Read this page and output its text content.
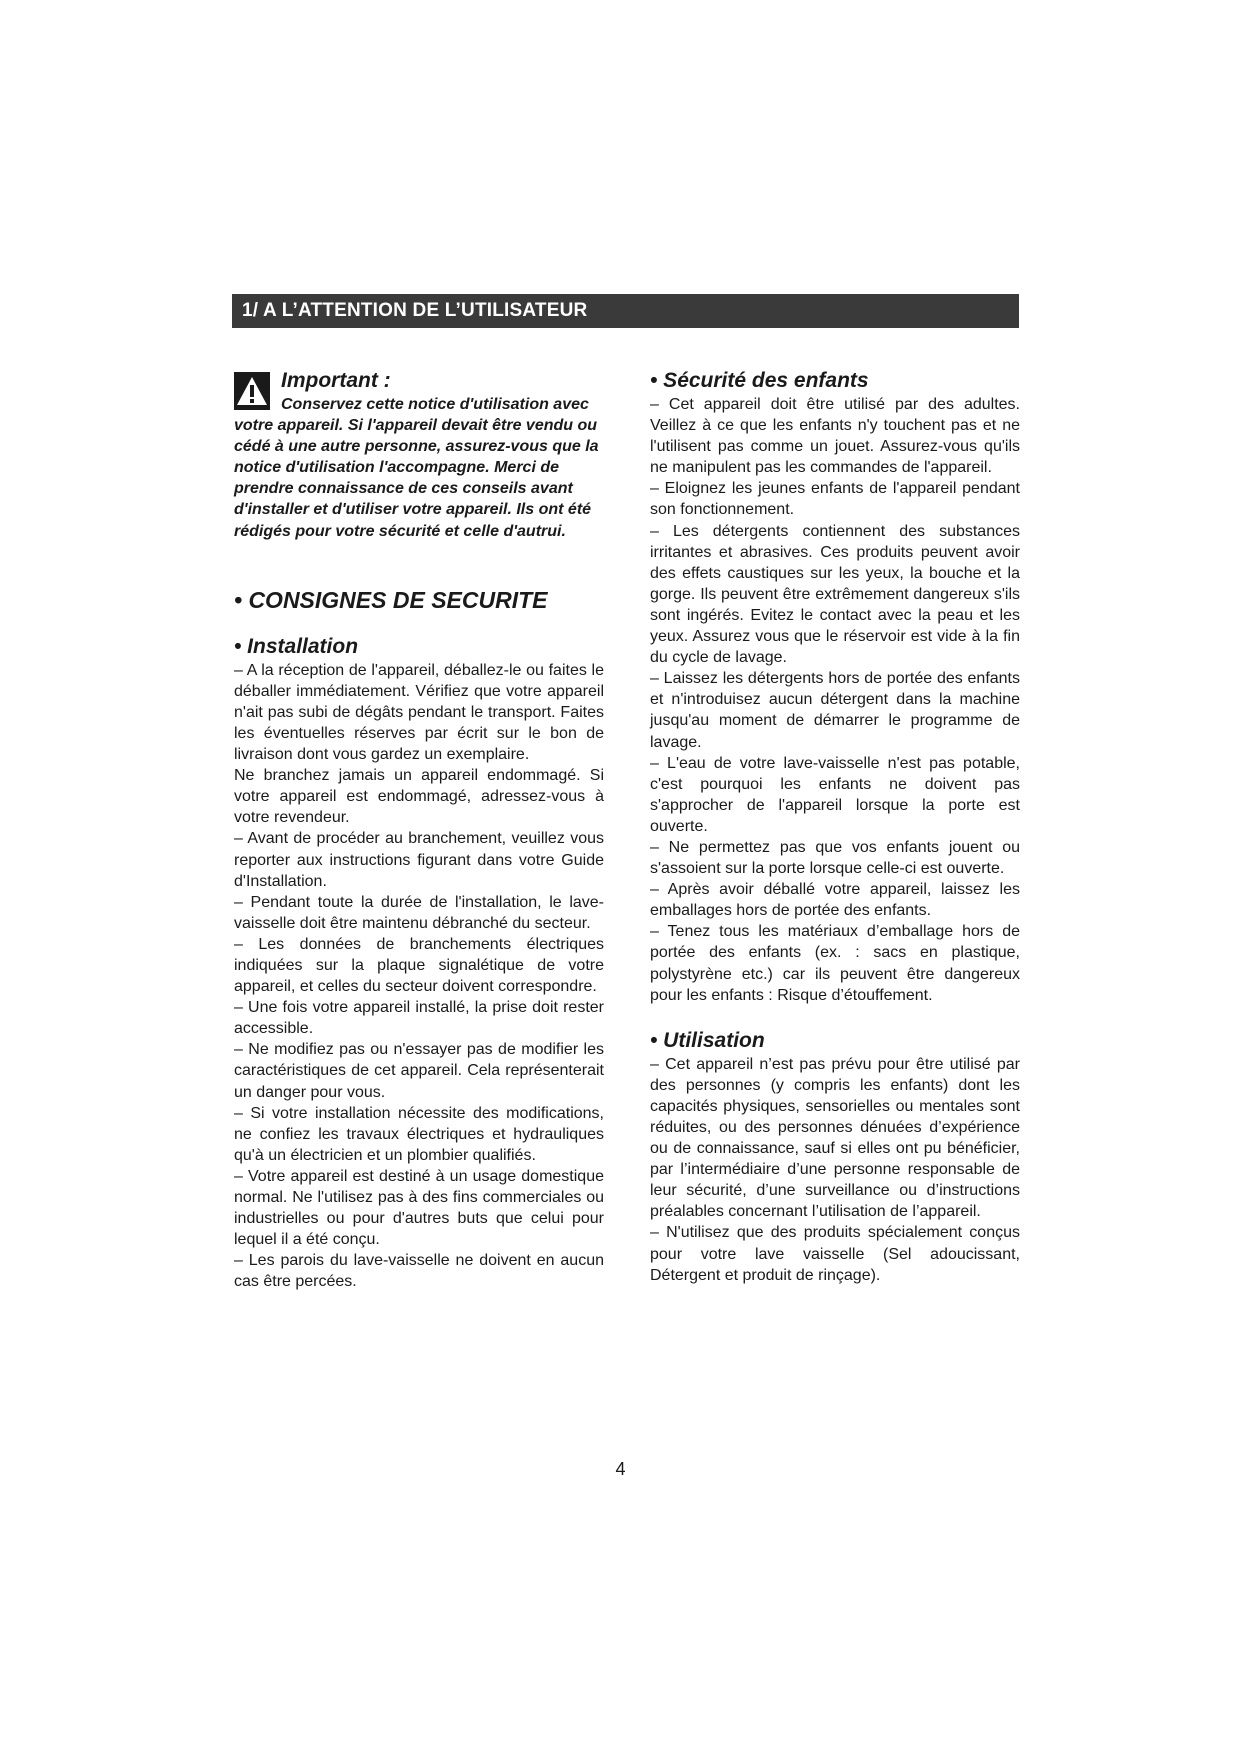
1/ A L’ATTENTION DE L’UTILISATEUR

Important :

Conservez cette notice d'utilisation avec votre appareil. Si l'appareil devait être vendu ou cédé à une autre personne, assurez-vous que la notice d'utilisation l'accompagne. Merci de prendre connaissance de ces conseils avant d'installer et d'utiliser votre appareil. Ils ont été rédigés pour votre sécurité et celle d'autrui.

• CONSIGNES DE SECURITE

• Installation

– A la réception de l'appareil, déballez-le ou faites le déballer immédiatement. Vérifiez que votre appareil n'ait pas subi de dégâts pendant le transport. Faites les éventuelles réserves par écrit sur le bon de livraison dont vous gardez un exemplaire.

Ne branchez jamais un appareil endommagé. Si votre appareil est endommagé, adressez-vous à votre revendeur.

– Avant de procéder au branchement, veuillez vous reporter aux instructions figurant dans votre Guide d'Installation.

– Pendant toute la durée de l'installation, le lave-vaisselle doit être maintenu débranché du secteur.

– Les données de branchements électriques indiquées sur la plaque signalétique de votre appareil, et celles du secteur doivent correspondre.

– Une fois votre appareil installé, la prise doit rester accessible.

– Ne modifiez pas ou n'essayer pas de modifier les caractéristiques de cet appareil. Cela représenterait un danger pour vous.

– Si votre installation nécessite des modifications, ne confiez les travaux électriques et hydrauliques qu'à un électricien et un plombier qualifiés.

– Votre appareil est destiné à un usage domestique normal. Ne l'utilisez pas à des fins commerciales ou industrielles ou pour d'autres buts que celui pour lequel il a été conçu.

– Les parois du lave-vaisselle ne doivent en aucun cas être percées.

• Sécurité des enfants

– Cet appareil doit être utilisé par des adultes. Veillez à ce que les enfants n'y touchent pas et ne l'utilisent pas comme un jouet. Assurez-vous qu'ils ne manipulent pas les commandes de l'appareil.

– Eloignez les jeunes enfants de l'appareil pendant son fonctionnement.

– Les détergents contiennent des substances irritantes et abrasives. Ces produits peuvent avoir des effets caustiques sur les yeux, la bouche et la gorge. Ils peuvent être extrêmement dangereux s'ils sont ingérés. Evitez le contact avec la peau et les yeux. Assurez vous que le réservoir est vide à la fin du cycle de lavage.

– Laissez les détergents hors de portée des enfants et n'introduisez aucun détergent dans la machine jusqu'au moment de démarrer le programme de lavage.

– L'eau de votre lave-vaisselle n'est pas potable, c'est pourquoi les enfants ne doivent pas s'approcher de l'appareil lorsque la porte est ouverte.

– Ne permettez pas que vos enfants jouent ou s'assoient sur la porte lorsque celle-ci est ouverte.

– Après avoir déballé votre appareil, laissez les emballages hors de portée des enfants.

– Tenez tous les matériaux d’emballage hors de portée des enfants (ex. : sacs en plastique, polystyrène etc.) car ils peuvent être dangereux pour les enfants : Risque d’étouffement.

• Utilisation

– Cet appareil n’est pas prévu pour être utilisé par des personnes (y compris les enfants) dont les capacités physiques, sensorielles ou mentales sont réduites, ou des personnes dénuées d’expérience ou de connaissance, sauf si elles ont pu bénéficier, par l’intermédiaire d’une personne responsable de leur sécurité, d’une surveillance ou d’instructions préalables concernant l’utilisation de l’appareil.

– N'utilisez que des produits spécialement conçus pour votre lave vaisselle (Sel adoucissant, Détergent et produit de rinçage).

4
